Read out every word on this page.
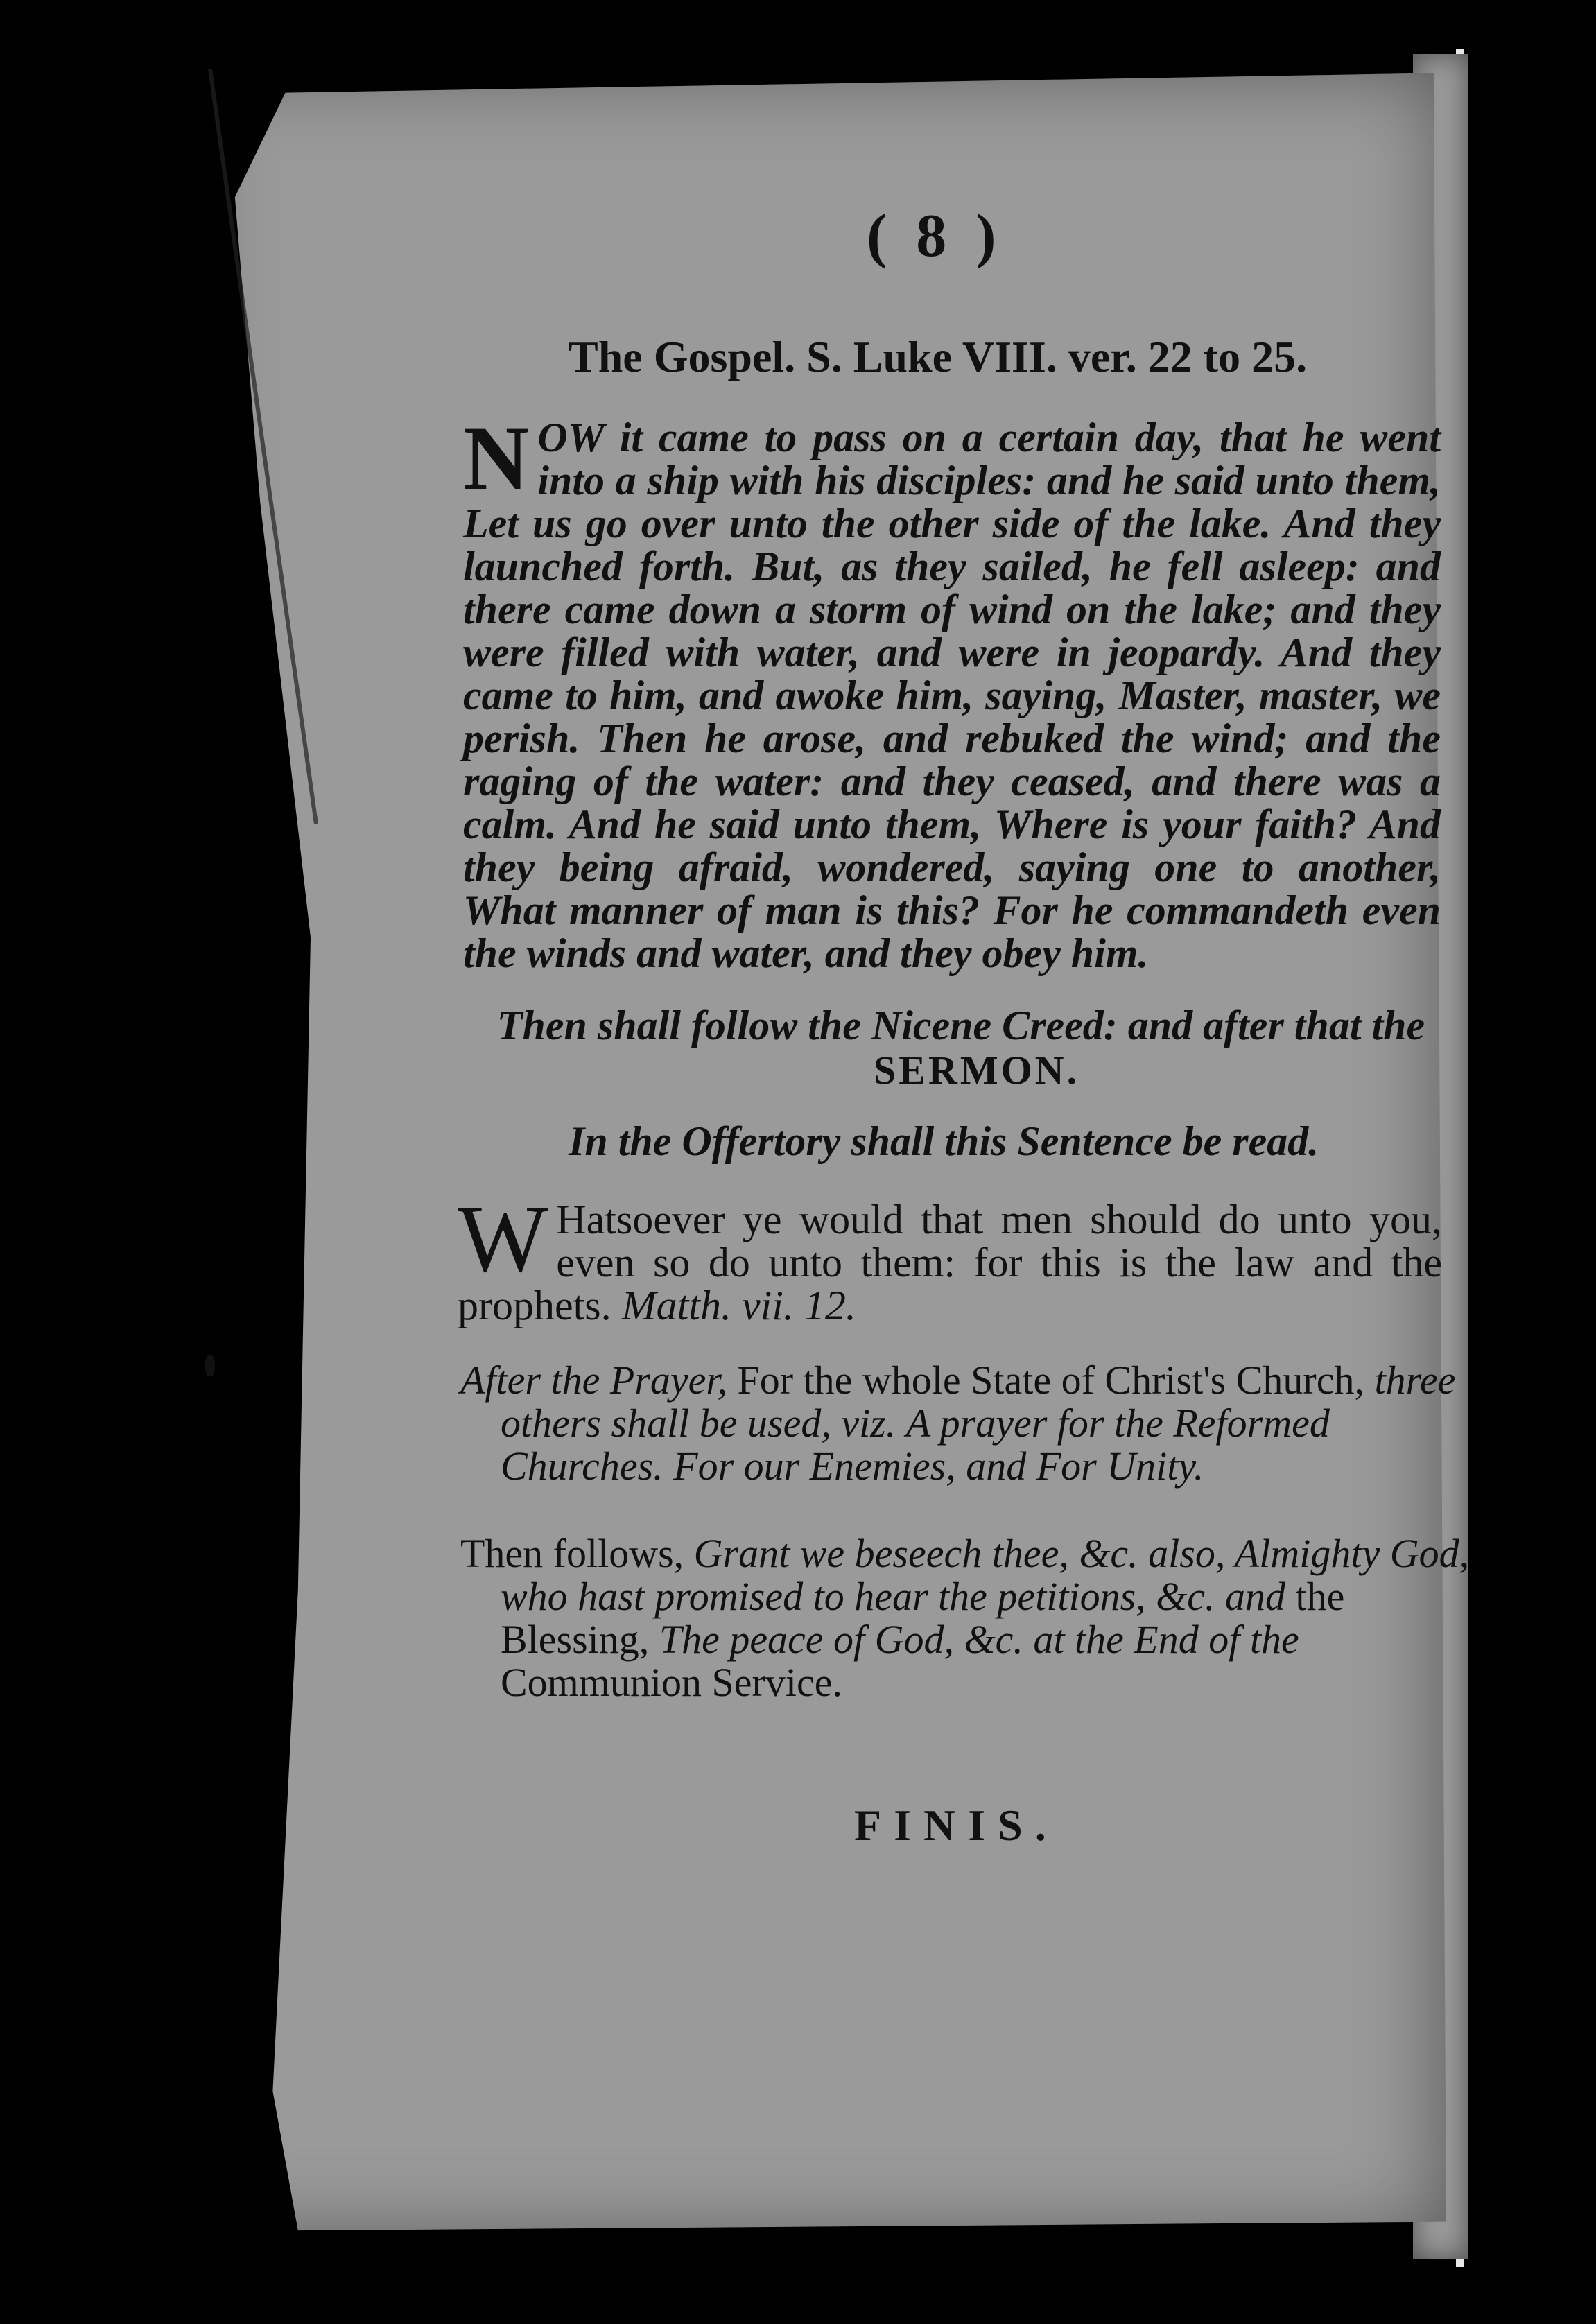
( 8 )
The Gospel. S. Luke VIII. ver. 22 to 25.
NOW it came to pass on a certain day, that he went into a ship with his disciples: and he said unto them, Let us go over unto the other side of the lake. And they launched forth. But, as they sailed, he fell asleep: and there came down a storm of wind on the lake; and they were filled with water, and were in jeopardy. And they came to him, and awoke him, saying, Master, master, we perish. Then he arose, and rebuked the wind; and the raging of the water: and they ceased, and there was a calm. And he said unto them, Where is your faith? And they being afraid, wondered, saying one to another, What manner of man is this? For he commandeth even the winds and water, and they obey him.
Then shall follow the Nicene Creed: and after that the
SERMON.
In the Offertory shall this Sentence be read.
W Hatsoever ye would that men should do unto you, even so do unto them: for this is the law and the prophets. Matth. vii. 12.
After the Prayer, For the whole State of Christ's Church, three others shall be used, viz. A prayer for the Reformed Churches. For our Enemies, and For Unity.
Then follows, Grant we beseech thee, &c. also, Almighty God, who hast promised to hear the petitions, &c. and the Blessing, The peace of God, &c. at the End of the Communion Service.
FINIS.
